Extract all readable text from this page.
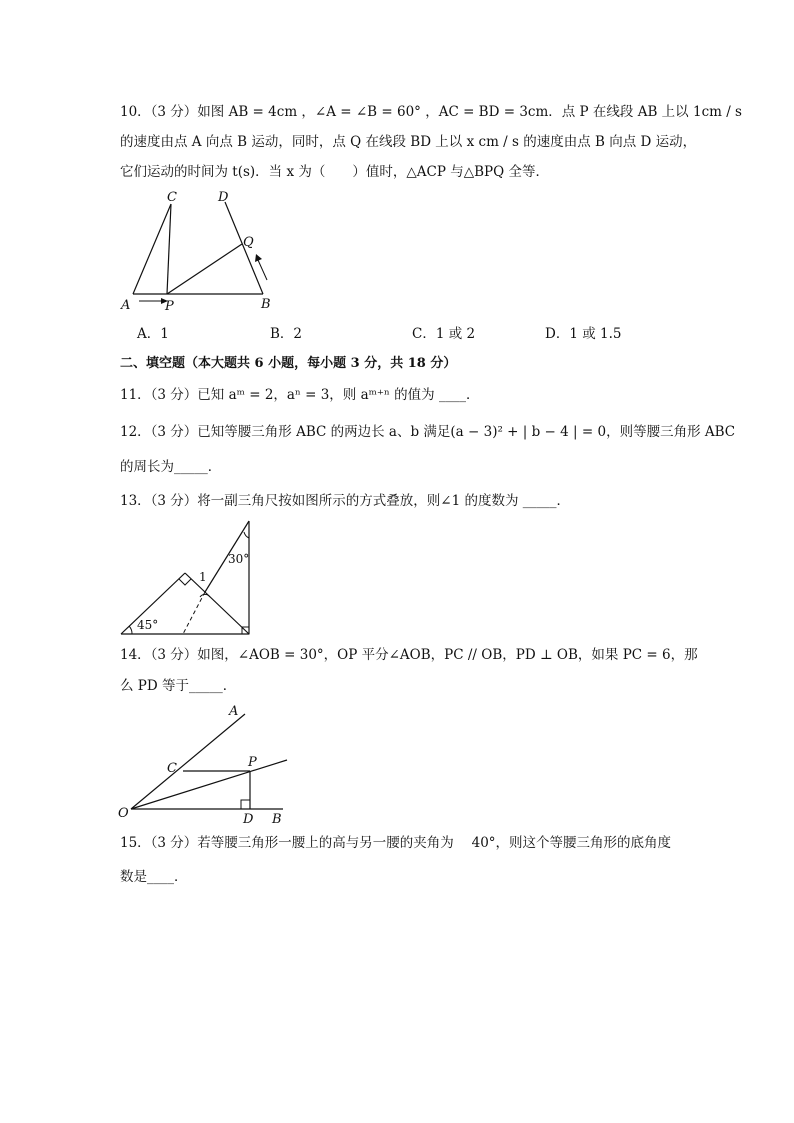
10．（3 分）如图 AB = 4cm ，∠A = ∠B = 60° ，AC = BD = 3cm．点 P 在线段 AB 上以 1cm / s
的速度由点 A 向点 B 运动，同时，点 Q 在线段 BD 上以 x cm / s 的速度由点 B 向点 D 运动，
它们运动的时间为 t(s)．当 x 为（　　）值时，△ACP 与△BPQ 全等．
C	D
Q
A	P	B
A．1	B．2	C．1 或 2	D．1 或 1.5
二、填空题（本大题共 6 小题，每小题 3 分，共 18 分）
11．（3 分）已知 aᵐ = 2，aⁿ = 3，则 aᵐ⁺ⁿ 的值为 ____．
12．（3 分）已知等腰三角形 ABC 的两边长 a、b 满足(a − 3)² + | b − 4 | = 0，则等腰三角形 ABC
的周长为_____．
13．（3 分）将一副三角尺按如图所示的方式叠放，则∠1 的度数为 _____．
30°
1
45°
14．（3 分）如图，∠AOB = 30°，OP 平分∠AOB，PC // OB，PD ⊥ OB，如果 PC = 6，那
么 PD 等于_____．
A
C	P
O	D B
15．（3 分）若等腰三角形一腰上的高与另一腰的夹角为　 40°，则这个等腰三角形的底角度
数是____．
